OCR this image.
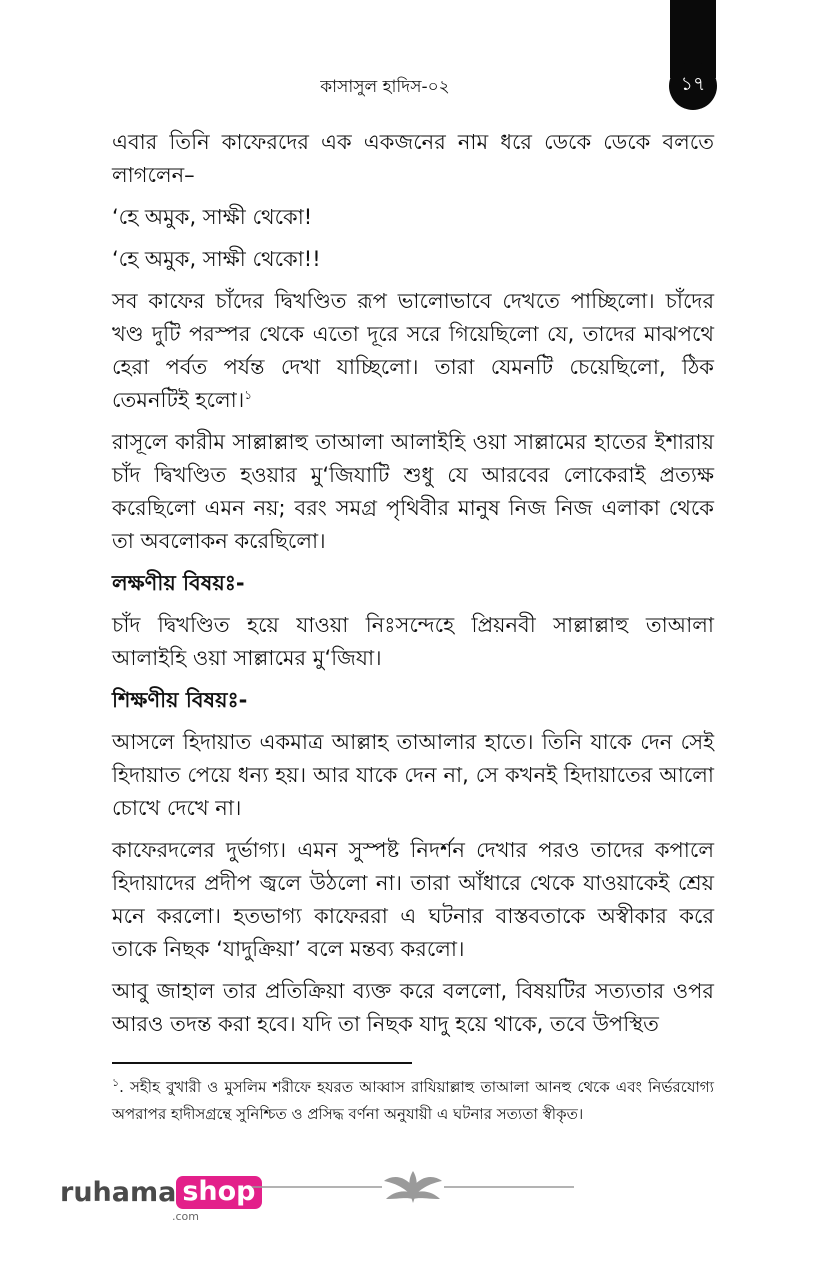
১৭
কাসাসুল হাদিস-০২

এবার তিনি কাফেরদের এক একজনের নাম ধরে ডেকে ডেকে বলতে লাগলেন–

‘হে অমুক, সাক্ষী থেকো!

‘হে অমুক, সাক্ষী থেকো!!

সব কাফের চাঁদের দ্বিখণ্ডিত রূপ ভালোভাবে দেখতে পাচ্ছিলো। চাঁদের খণ্ড দুটি পরস্পর থেকে এতো দূরে সরে গিয়েছিলো যে, তাদের মাঝপথে হেরা পর্বত পর্যন্ত দেখা যাচ্ছিলো। তারা যেমনটি চেয়েছিলো, ঠিক তেমনটিই হলো।$^১$

রাসূলে কারীম সাল্লাল্লাহু তাআলা আলাইহি ওয়া সাল্লামের হাতের ইশারায় চাঁদ দ্বিখণ্ডিত হওয়ার মু‘জিযাটি শুধু যে আরবের লোকেরাই প্রত্যক্ষ করেছিলো এমন নয়; বরং সমগ্র পৃথিবীর মানুষ নিজ নিজ এলাকা থেকে তা অবলোকন করেছিলো।

লক্ষণীয় বিষয়ঃ-

চাঁদ দ্বিখণ্ডিত হয়ে যাওয়া নিঃসন্দেহে প্রিয়নবী সাল্লাল্লাহু তাআলা আলাইহি ওয়া সাল্লামের মু‘জিযা।

শিক্ষণীয় বিষয়ঃ-

আসলে হিদায়াত একমাত্র আল্লাহ তাআলার হাতে। তিনি যাকে দেন সেই হিদায়াত পেয়ে ধন্য হয়। আর যাকে দেন না, সে কখনই হিদায়াতের আলো চোখে দেখে না।

কাফেরদলের দুর্ভাগ্য। এমন সুস্পষ্ট নিদর্শন দেখার পরও তাদের কপালে হিদায়াদের প্রদীপ জ্বলে উঠলো না। তারা আঁধারে থেকে যাওয়াকেই শ্রেয় মনে করলো। হতভাগ্য কাফেররা এ ঘটনার বাস্তবতাকে অস্বীকার করে তাকে নিছক ‘যাদুক্রিয়া’ বলে মন্তব্য করলো।

আবু জাহাল তার প্রতিক্রিয়া ব্যক্ত করে বললো, বিষয়টির সত্যতার ওপর আরও তদন্ত করা হবে। যদি তা নিছক যাদু হয়ে থাকে, তবে উপস্থিত

$^১$. সহীহ বুখারী ও মুসলিম শরীফে হযরত আব্বাস রাযিয়াল্লাহু তাআলা আনহু থেকে এবং নির্ভরযোগ্য অপরাপর হাদীসগ্রন্থে সুনিশ্চিত ও প্রসিদ্ধ বর্ণনা অনুযায়ী এ ঘটনার সত্যতা স্বীকৃত।
ruhama shop
.com
